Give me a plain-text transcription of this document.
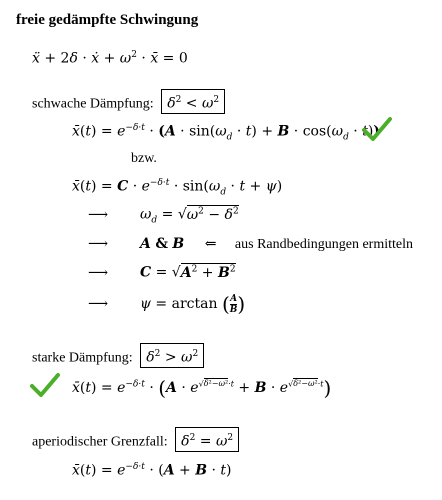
freie gedämpfte Schwingung
ẍ + 2δ · ẋ + $\omega^2$ · x̄ = 0
schwache Dämpfung: $\delta^2 < \omega^2$
x̄(t) = $e^{-\delta\cdot t} \cdot (A \cdot \sin(\omega_d \cdot t) + B \cdot \cos(\omega_d \cdot t))$
bzw.
x̄(t) = $C \cdot e^{-\delta\cdot t} \cdot \sin(\omega_d \cdot t + \psi)$
⟶ $\omega_d = √\omega^2 - \delta^2$
⟶ A & B ⇐ aus Randbedingungen ermitteln
⟶ $C = √A^2 + B^2$
⟶ $\psi = \arctan (\frac{A}{B}$ )
starke Dämpfung: $\delta^2 > \omega^2$
x̄(t) = $e^{-\delta\cdot t} \cdot (A \cdot e^{√\delta^2-\omega^2\cdot t} + B \cdot e^{√\delta^2-\omega^2\cdot t})$
aperiodischer Grenzfall: $\delta^2 = \omega^2$
x̄(t) = $e^{-\delta\cdot t} \cdot (A + B \cdot t)$
